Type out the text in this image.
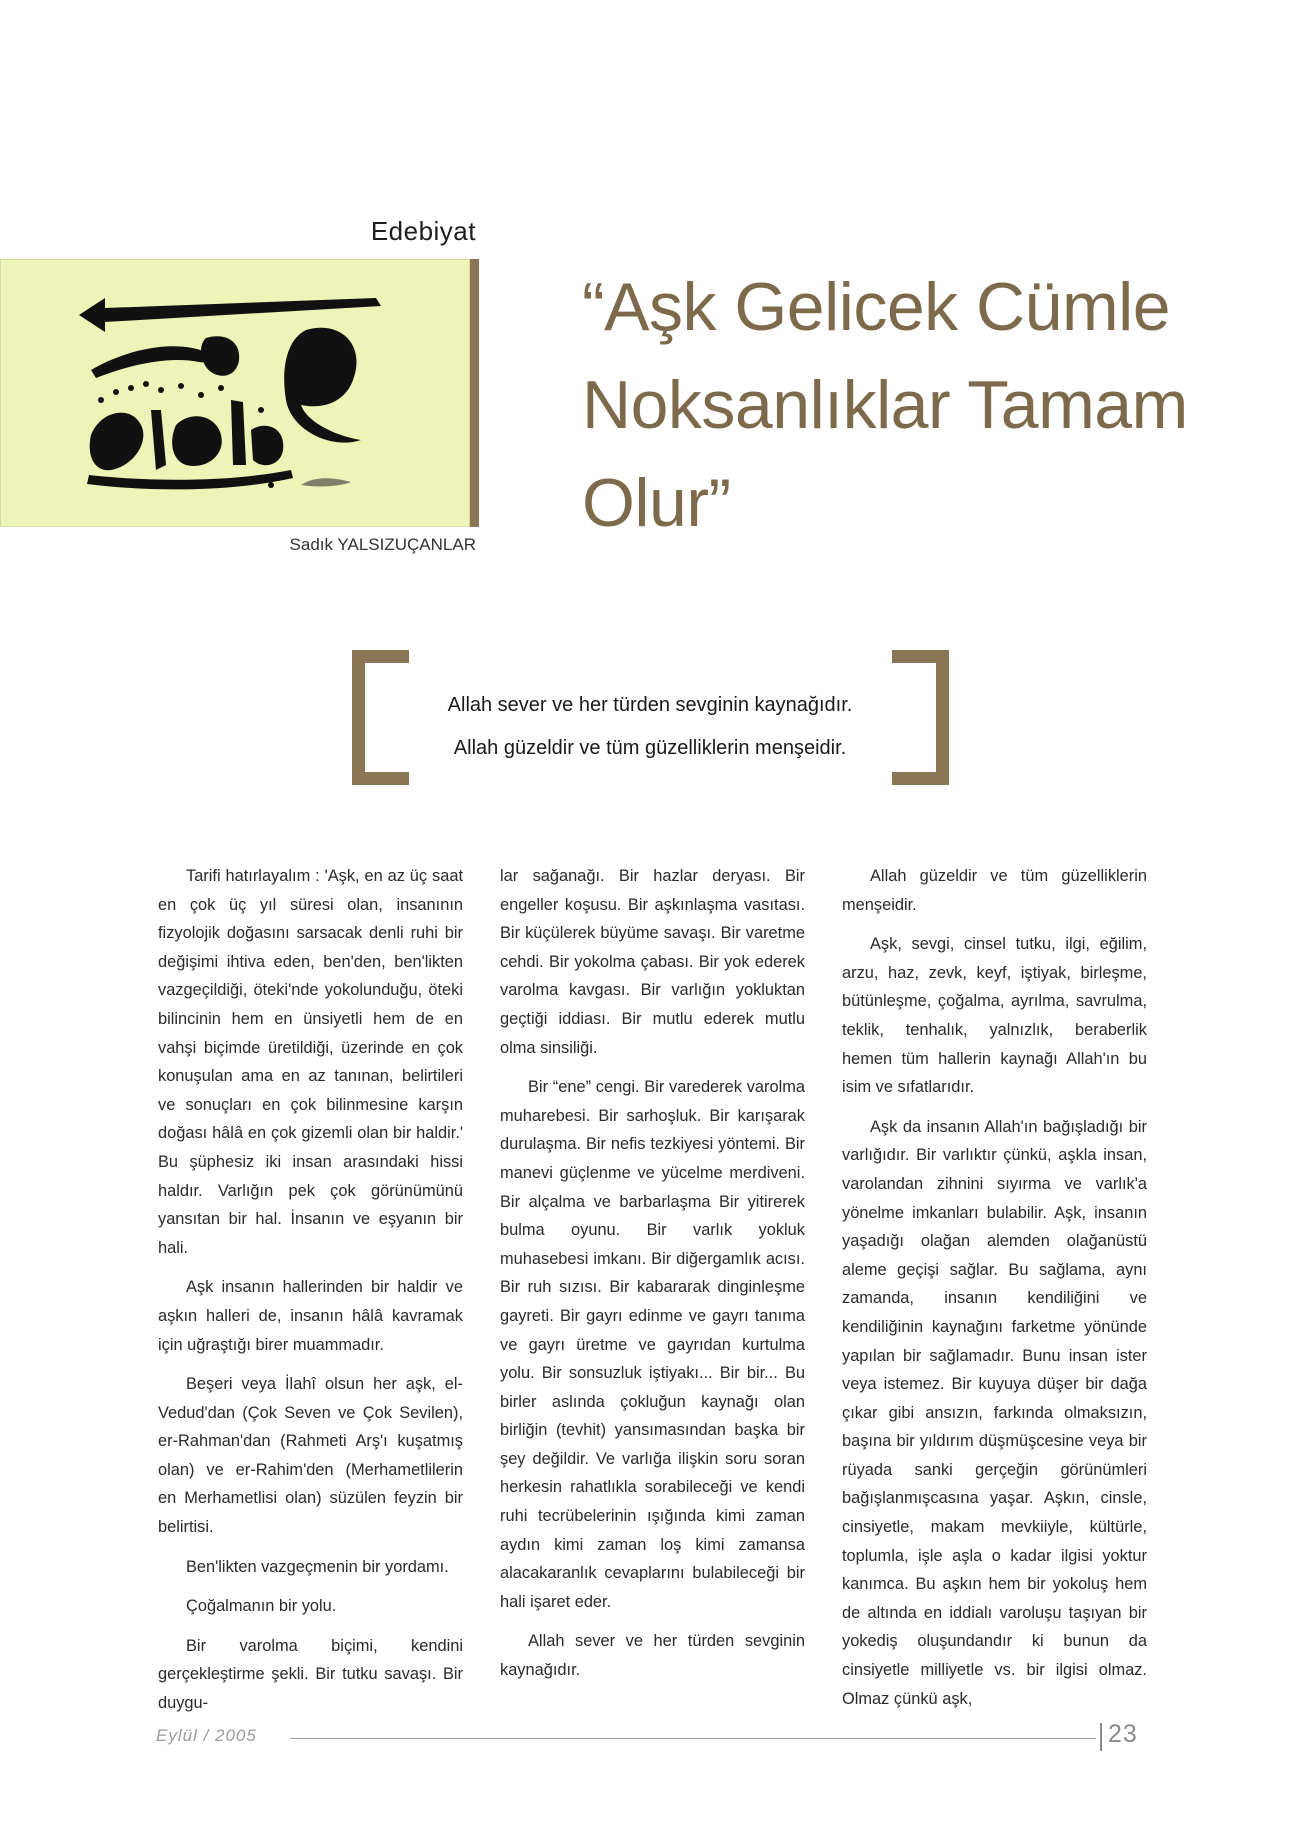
Edebiyat
Sadık YALSIZUÇANLAR
“Aşk Gelicek Cümle
Noksanlıklar Tamam
Olur”

Allah sever ve her türden sevginin kaynağıdır.

Allah güzeldir ve tüm güzelliklerin menşeidir.

Tarifi hatırlayalım : 'Aşk, en az üç saat en çok üç yıl süresi olan, insanının fizyolojik doğasını sarsacak denli ruhi bir değişimi ihtiva eden, ben'den, ben'likten vazgeçildiği, öteki'nde yokolunduğu, öteki bilincinin hem en ünsiyetli hem de en vahşi biçimde üretildiği, üzerinde en çok konuşulan ama en az tanınan, belirtileri ve sonuçları en çok bilinmesine karşın doğası hâlâ en çok gizemli olan bir haldir.' Bu şüphesiz iki insan arasındaki hissi haldır. Varlığın pek çok görünümünü yansıtan bir hal. İnsanın ve eşyanın bir hali.

Aşk insanın hallerinden bir haldir ve aşkın halleri de, insanın hâlâ kavramak için uğraştığı birer muammadır.

Beşeri veya İlahî olsun her aşk, el-Vedud'dan (Çok Seven ve Çok Sevilen), er-Rahman'dan (Rahmeti Arş'ı kuşatmış olan) ve er-Rahim'den (Merhametlilerin en Merhametlisi olan) süzülen feyzin bir belirtisi.

Ben'likten vazgeçmenin bir yordamı.

Çoğalmanın bir yolu.

Bir varolma biçimi, kendini gerçekleştirme şekli. Bir tutku savaşı. Bir duygu-

lar sağanağı. Bir hazlar deryası. Bir engeller koşusu. Bir aşkınlaşma vasıtası. Bir küçülerek büyüme savaşı. Bir varetme cehdi. Bir yokolma çabası. Bir yok ederek varolma kavgası. Bir varlığın yokluktan geçtiği iddiası. Bir mutlu ederek mutlu olma sinsiliği.

Bir “ene” cengi. Bir varederek varolma muharebesi. Bir sarhoşluk. Bir karışarak durulaşma. Bir nefis tezkiyesi yöntemi. Bir manevi güçlenme ve yücelme merdiveni. Bir alçalma ve barbarlaşma Bir yitirerek bulma oyunu. Bir varlık yokluk muhasebesi imkanı. Bir diğergamlık acısı. Bir ruh sızısı. Bir kabararak dinginleşme gayreti. Bir gayrı edinme ve gayrı tanıma ve gayrı üretme ve gayrıdan kurtulma yolu. Bir sonsuzluk iştiyakı... Bir bir... Bu birler aslında çokluğun kaynağı olan birliğin (tevhit) yansımasından başka bir şey değildir. Ve varlığa ilişkin soru soran herkesin rahatlıkla sorabileceği ve kendi ruhi tecrübelerinin ışığında kimi zaman aydın kimi zaman loş kimi zamansa alacakaranlık cevaplarını bulabileceği bir hali işaret eder.

Allah sever ve her türden sevginin kaynağıdır.

Allah güzeldir ve tüm güzelliklerin menşeidir.

Aşk, sevgi, cinsel tutku, ilgi, eğilim, arzu, haz, zevk, keyf, iştiyak, birleşme, bütünleşme, çoğalma, ayrılma, savrulma, teklik, tenhalık, yalnızlık, beraberlik hemen tüm hallerin kaynağı Allah'ın bu isim ve sıfatlarıdır.

Aşk da insanın Allah'ın bağışladığı bir varlığıdır. Bir varlıktır çünkü, aşkla insan, varolandan zihnini sıyırma ve varlık'a yönelme imkanları bulabilir. Aşk, insanın yaşadığı olağan alemden olağanüstü aleme geçişi sağlar. Bu sağlama, aynı zamanda, insanın kendiliğini ve kendiliğinin kaynağını farketme yönünde yapılan bir sağlamadır. Bunu insan ister veya istemez. Bir kuyuya düşer bir dağa çıkar gibi ansızın, farkında olmaksızın, başına bir yıldırım düşmüşcesine veya bir rüyada sanki gerçeğin görünümleri bağışlanmışcasına yaşar. Aşkın, cinsle, cinsiyetle, makam mevkiiyle, kültürle, toplumla, işle aşla o kadar ilgisi yoktur kanımca. Bu aşkın hem bir yokoluş hem de altında en iddialı varoluşu taşıyan bir yokediş oluşundandır ki bunun da cinsiyetle milliyetle vs. bir ilgisi olmaz. Olmaz çünkü aşk,

Eylül / 2005	23
